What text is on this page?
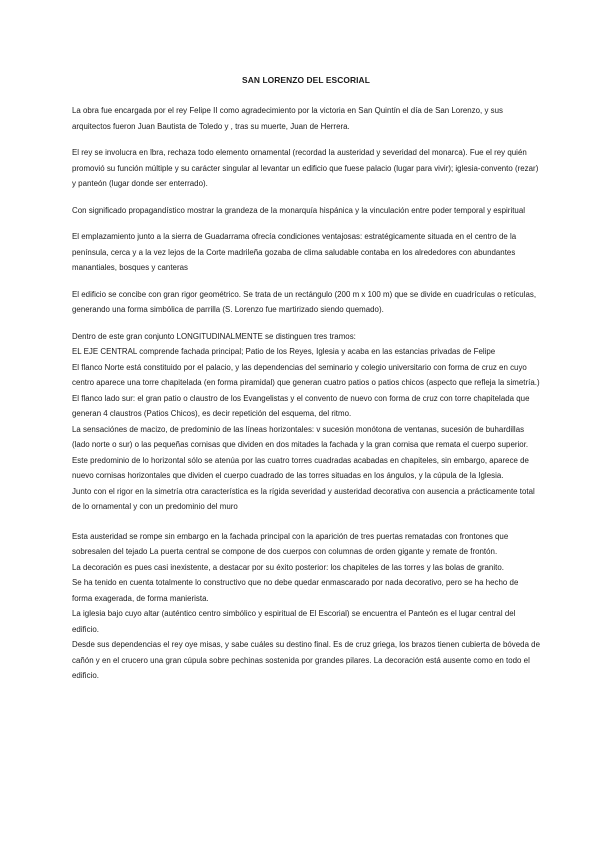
SAN LORENZO DEL ESCORIAL

La obra fue encargada por el rey Felipe II como agradecimiento por la victoria en San Quintín el día de San Lorenzo, y sus arquitectos fueron Juan Bautista de Toledo y , tras su muerte, Juan de Herrera.

El rey se involucra en lbra, rechaza todo elemento ornamental (recordad la austeridad y severidad del monarca). Fue el rey quién promovió su función múltiple y su carácter singular al levantar un edificio que fuese palacio (lugar para vivir); iglesia-convento (rezar) y panteón (lugar donde ser enterrado).

Con significado propagandístico mostrar la grandeza de la monarquía hispánica y la vinculación entre poder temporal y espiritual

El emplazamiento junto a la sierra de Guadarrama ofrecía condiciones ventajosas: estratégicamente situada en el centro de la península, cerca y a la vez lejos de la Corte madrileña gozaba de clima saludable contaba en los alrededores con abundantes manantiales, bosques y canteras

El edificio se concibe con gran rigor geométrico. Se trata de un rectángulo (200 m x 100 m) que se divide en cuadrículas o retículas, generando una forma simbólica de parrilla (S. Lorenzo fue martirizado siendo quemado).

Dentro de este gran conjunto LONGITUDINALMENTE se distinguen tres tramos:

EL EJE CENTRAL comprende fachada principal; Patio de los Reyes, Iglesia y acaba en las estancias privadas de Felipe

El flanco Norte está constituido por el palacio, y las dependencias del seminario y colegio universitario con forma de cruz en cuyo centro aparece una torre chapitelada (en forma piramidal) que generan cuatro patios o patios chicos (aspecto que refleja la simetría.)

El flanco lado sur: el gran patio o claustro de los Evangelistas y el convento de nuevo con forma de cruz con torre chapitelada que generan 4 claustros (Patios Chicos), es decir repetición del esquema, del ritmo.

La sensaciónes de macizo, de predominio de las líneas horizontales: v sucesión monótona de ventanas, sucesión de buhardillas (lado norte o sur) o las pequeñas cornisas que dividen en dos mitades la fachada y la gran cornisa que remata el cuerpo superior.

Este predominio de lo horizontal sólo se atenúa por las cuatro torres cuadradas acabadas en chapiteles, sin embargo, aparece de nuevo cornisas horizontales que dividen el cuerpo cuadrado de las torres situadas en los ángulos, y la cúpula de la Iglesia.

Junto con el rigor en la simetría otra característica es la rígida severidad y austeridad decorativa con ausencia a prácticamente total de lo ornamental y con un predominio del muro

Esta austeridad se rompe sin embargo en la fachada principal con la aparición de tres puertas rematadas con frontones que sobresalen del tejado La puerta central se compone de dos cuerpos con columnas de orden gigante y remate de frontón.

La decoración es pues casi inexistente, a destacar por su éxito posterior: los chapiteles de las torres y las bolas de granito.

Se ha tenido en cuenta totalmente lo constructivo que no debe quedar enmascarado por nada decorativo, pero se ha hecho de forma exagerada, de forma manierista.

La iglesia bajo cuyo altar (auténtico centro simbólico y espiritual de El Escorial) se encuentra el Panteón es el lugar central del edificio.

Desde sus dependencias el rey oye misas, y sabe cuáles su destino final. Es de cruz griega, los brazos tienen cubierta de bóveda de cañón y en el crucero una gran cúpula sobre pechinas sostenida por grandes pilares. La decoración está ausente como en todo el edificio.
